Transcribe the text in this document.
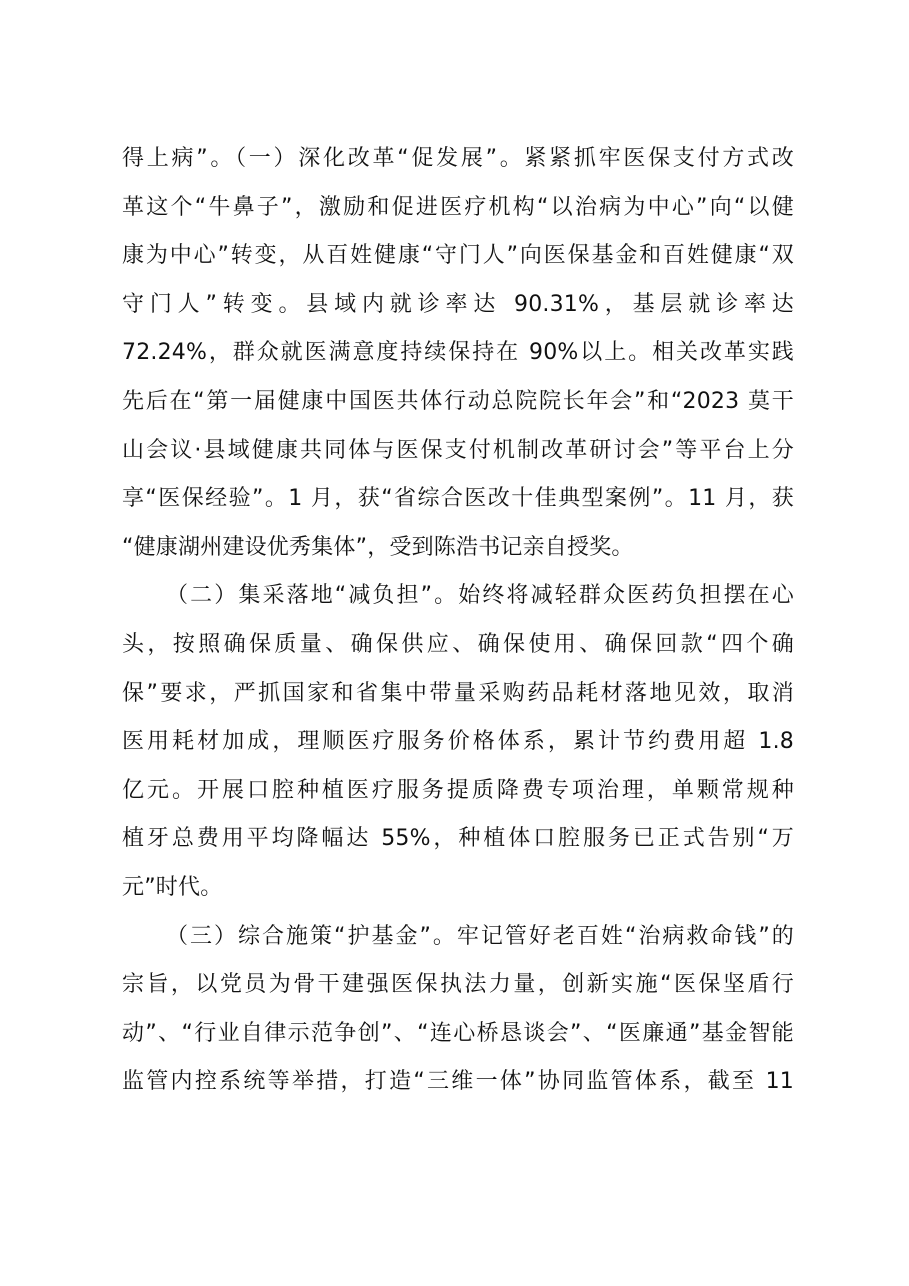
得上病”。（一）深化改革“促发展”。紧紧抓牢医保支付方式改
革这个“牛鼻子”，激励和促进医疗机构“以治病为中心”向“以健
康为中心”转变，从百姓健康“守门人”向医保基金和百姓健康“双
守门人”转变。县域内就诊率达 90.31%，基层就诊率达
72.24%，群众就医满意度持续保持在 90%以上。相关改革实践
先后在“第一届健康中国医共体行动总院院长年会”和“2023 莫干
山会议·县域健康共同体与医保支付机制改革研讨会”等平台上分
享“医保经验”。1 月，获“省综合医改十佳典型案例”。11 月，获
“健康湖州建设优秀集体”，受到陈浩书记亲自授奖。
（二）集采落地“减负担”。始终将减轻群众医药负担摆在心
头，按照确保质量、确保供应、确保使用、确保回款“四个确
保”要求，严抓国家和省集中带量采购药品耗材落地见效，取消
医用耗材加成，理顺医疗服务价格体系，累计节约费用超 1.8
亿元。开展口腔种植医疗服务提质降费专项治理，单颗常规种
植牙总费用平均降幅达 55%，种植体口腔服务已正式告别“万
元”时代。
（三）综合施策“护基金”。牢记管好老百姓“治病救命钱”的
宗旨，以党员为骨干建强医保执法力量，创新实施“医保坚盾行
动”、“行业自律示范争创”、“连心桥恳谈会”、“医廉通”基金智能
监管内控系统等举措，打造“三维一体”协同监管体系，截至 11
